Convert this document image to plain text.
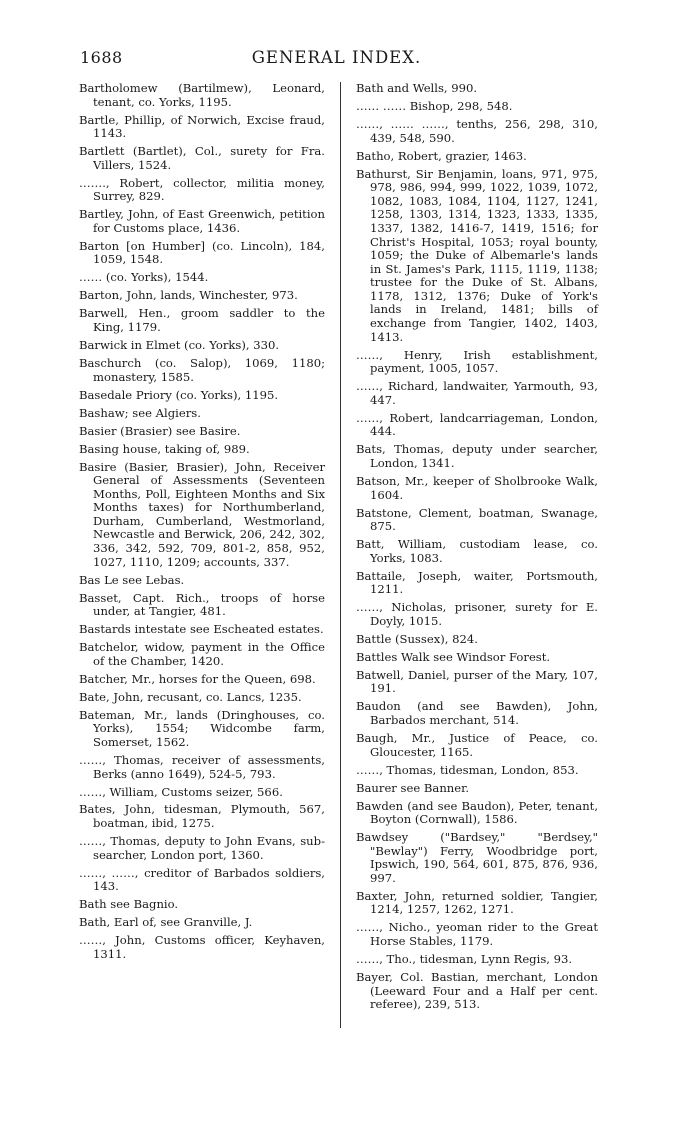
1688	GENERAL INDEX.

Bartholomew (Bartilmew), Leonard, tenant, co. Yorks, 1195.

Bartle, Phillip, of Norwich, Excise fraud, 1143.

Bartlett (Bartlet), Col., surety for Fra. Villers, 1524.

……., Robert, collector, militia money, Surrey, 829.

Bartley, John, of East Greenwich, petition for Customs place, 1436.

Barton [on Humber] (co. Lincoln), 184, 1059, 1548.

…… (co. Yorks), 1544.

Barton, John, lands, Winchester, 973.

Barwell, Hen., groom saddler to the King, 1179.

Barwick in Elmet (co. Yorks), 330.

Baschurch (co. Salop), 1069, 1180; monastery, 1585.

Basedale Priory (co. Yorks), 1195.

Bashaw; see Algiers.

Basier (Brasier) see Basire.

Basing house, taking of, 989.

Basire (Basier, Brasier), John, Receiver General of Assessments (Seventeen Months, Poll, Eighteen Months and Six Months taxes) for Northumberland, Durham, Cumberland, Westmorland, Newcastle and Berwick, 206, 242, 302, 336, 342, 592, 709, 801-2, 858, 952, 1027, 1110, 1209; accounts, 337.

Bas Le see Lebas.

Basset, Capt. Rich., troops of horse under, at Tangier, 481.

Bastards intestate see Escheated estates.

Batchelor, widow, payment in the Office of the Chamber, 1420.

Batcher, Mr., horses for the Queen, 698.

Bate, John, recusant, co. Lancs, 1235.

Bateman, Mr., lands (Dringhouses, co. Yorks), 1554; Widcombe farm, Somerset, 1562.

……, Thomas, receiver of assessments, Berks (anno 1649), 524-5, 793.

……, William, Customs seizer, 566.

Bates, John, tidesman, Plymouth, 567, boatman, ibid, 1275.

……, Thomas, deputy to John Evans, sub-searcher, London port, 1360.

……, ……, creditor of Barbados soldiers, 143.

Bath see Bagnio.

Bath, Earl of, see Granville, J.

……, John, Customs officer, Keyhaven, 1311.

Bath and Wells, 990.

…… …… Bishop, 298, 548.

……, …… ……, tenths, 256, 298, 310, 439, 548, 590.

Batho, Robert, grazier, 1463.

Bathurst, Sir Benjamin, loans, 971, 975, 978, 986, 994, 999, 1022, 1039, 1072, 1082, 1083, 1084, 1104, 1127, 1241, 1258, 1303, 1314, 1323, 1333, 1335, 1337, 1382, 1416-7, 1419, 1516; for Christ's Hospital, 1053; royal bounty, 1059; the Duke of Albemarle's lands in St. James's Park, 1115, 1119, 1138; trustee for the Duke of St. Albans, 1178, 1312, 1376; Duke of York's lands in Ireland, 1481; bills of exchange from Tangier, 1402, 1403, 1413.

……, Henry, Irish establishment, payment, 1005, 1057.

……, Richard, landwaiter, Yarmouth, 93, 447.

……, Robert, landcarriageman, London, 444.

Bats, Thomas, deputy under searcher, London, 1341.

Batson, Mr., keeper of Sholbrooke Walk, 1604.

Batstone, Clement, boatman, Swanage, 875.

Batt, William, custodiam lease, co. Yorks, 1083.

Battaile, Joseph, waiter, Portsmouth, 1211.

……, Nicholas, prisoner, surety for E. Doyly, 1015.

Battle (Sussex), 824.

Battles Walk see Windsor Forest.

Batwell, Daniel, purser of the Mary, 107, 191.

Baudon (and see Bawden), John, Barbados merchant, 514.

Baugh, Mr., Justice of Peace, co. Gloucester, 1165.

……, Thomas, tidesman, London, 853.

Baurer see Banner.

Bawden (and see Baudon), Peter, tenant, Boyton (Cornwall), 1586.

Bawdsey ("Bardsey," "Berdsey," "Bewlay") Ferry, Woodbridge port, Ipswich, 190, 564, 601, 875, 876, 936, 997.

Baxter, John, returned soldier, Tangier, 1214, 1257, 1262, 1271.

……, Nicho., yeoman rider to the Great Horse Stables, 1179.

……, Tho., tidesman, Lynn Regis, 93.

Bayer, Col. Bastian, merchant, London (Leeward Four and a Half per cent. referee), 239, 513.
